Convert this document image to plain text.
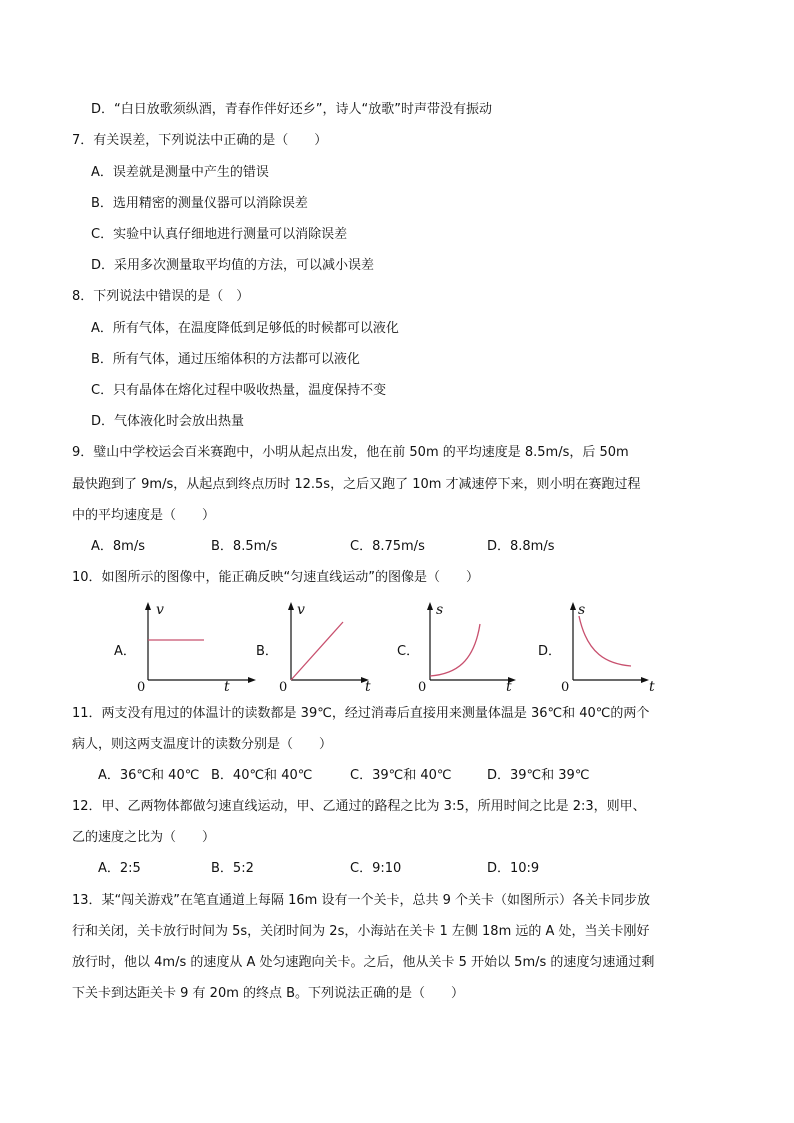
D．“白日放歌须纵酒，青春作伴好还乡”，诗人“放歌”时声带没有振动
7．有关误差，下列说法中正确的是（　　）
A．误差就是测量中产生的错误
B．选用精密的测量仪器可以消除误差
C．实验中认真仔细地进行测量可以消除误差
D．采用多次测量取平均值的方法，可以减小误差
8．下列说法中错误的是（　）
A．所有气体，在温度降低到足够低的时候都可以液化
B．所有气体，通过压缩体积的方法都可以液化
C．只有晶体在熔化过程中吸收热量，温度保持不变
D．气体液化时会放出热量
9．璧山中学校运会百米赛跑中，小明从起点出发，他在前 50m 的平均速度是 8.5m/s，后 50m
最快跑到了 9m/s，从起点到终点历时 12.5s，之后又跑了 10m 才减速停下来，则小明在赛跑过程
中的平均速度是（　　）
A．8m/s	B．8.5m/s	C．8.75m/s	D．8.8m/s
10．如图所示的图像中，能正确反映“匀速直线运动”的图像是（　　）
A．
v
t
0
B．
v
t
0
C．
s
t
0
D．
s
t
0
11．两支没有甩过的体温计的读数都是 39℃，经过消毒后直接用来测量体温是 36℃和 40℃的两个
病人，则这两支温度计的读数分别是（　　）
A．36℃和 40℃ B．40℃和 40℃	C．39℃和 40℃	D．39℃和 39℃
12．甲、乙两物体都做匀速直线运动，甲、乙通过的路程之比为 3:5，所用时间之比是 2:3，则甲、
乙的速度之比为（　　）
A．2:5	B．5:2	C．9:10	D．10:9
13．某“闯关游戏”在笔直通道上每隔 16m 设有一个关卡，总共 9 个关卡（如图所示）各关卡同步放
行和关闭，关卡放行时间为 5s，关闭时间为 2s，小海站在关卡 1 左侧 18m 远的 A 处，当关卡刚好
放行时，他以 4m/s 的速度从 A 处匀速跑向关卡。之后，他从关卡 5 开始以 5m/s 的速度匀速通过剩
下关卡到达距关卡 9 有 20m 的终点 B。下列说法正确的是（　　）
